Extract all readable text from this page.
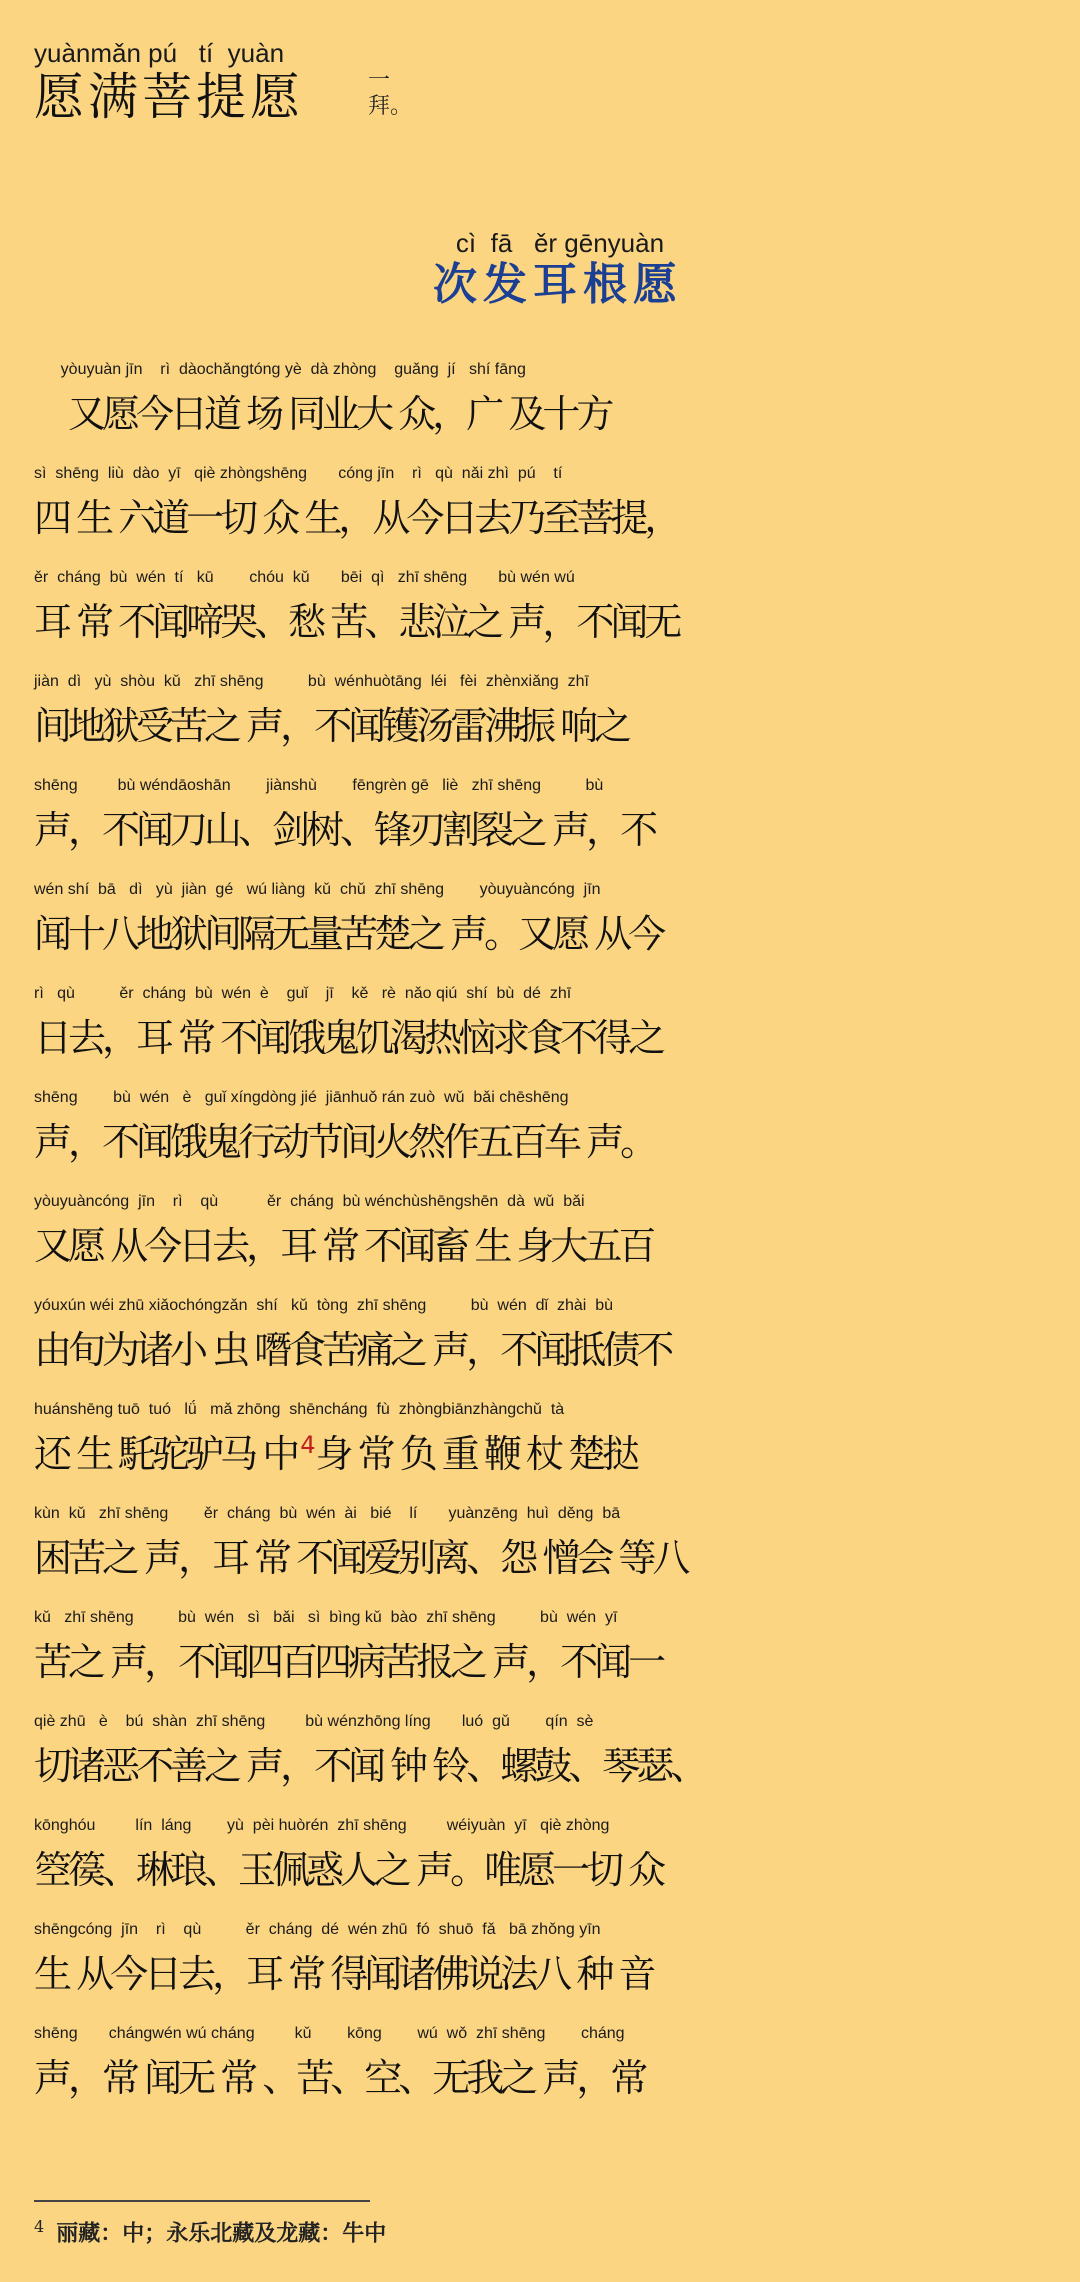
yuànmǎn pú   tí  yuàn
愿满菩提愿	一
拜。
cì  fā   ěr gēnyuàn
次发耳根愿
yòuyuàn jīn    rì  dàochǎngtóng yè  dà zhòng    guǎng  jí   shí fāng
　又愿今日道 场 同业大 众，广 及十方
sì  shēng  liù  dào  yī   qiè zhòngshēng       cóng jīn    rì   qù  nǎi zhì  pú    tí
四 生 六道一切 众 生，从今日去乃至菩提，
ěr  cháng  bù  wén  tí   kū        chóu  kǔ       bēi  qì   zhī shēng       bù wén wú
耳 常 不闻啼哭、愁 苦、悲泣之 声，不闻无
jiàn  dì   yù  shòu  kǔ   zhī shēng          bù  wénhuòtāng  léi   fèi  zhènxiǎng  zhī
间地狱受苦之 声，不闻镬汤雷沸振 响之
shēng         bù wéndāoshān        jiànshù        fēngrèn gē   liè   zhī shēng          bù
声，不闻刀山、剑树、锋刃割裂之 声，不
wén shí  bā   dì   yù  jiàn  gé   wú liàng  kǔ  chǔ  zhī shēng        yòuyuàncóng  jīn
闻十八地狱间隔无量苦楚之 声。又愿 从今
rì   qù          ěr  cháng  bù  wén  è    guǐ    jī    kě   rè  nǎo qiú  shí  bù  dé  zhī
日去，耳 常 不闻饿鬼饥渴热恼求食不得之
shēng        bù  wén   è   guǐ xíngdòng jié  jiānhuǒ rán zuò  wǔ  bǎi chēshēng
声，不闻饿鬼行动节间火然作五百车 声。
yòuyuàncóng  jīn    rì    qù           ěr  cháng  bù wénchùshēngshēn  dà  wǔ  bǎi
又愿 从今日去，耳 常 不闻畜 生 身大五百
yóuxún wéi zhū xiǎochóngzǎn  shí   kǔ  tòng  zhī shēng          bù  wén  dǐ  zhài  bù
由旬为诸小 虫 噆食苦痛之 声，不闻抵债不
huánshēng tuō  tuó   lǘ   mǎ zhōng  shēncháng  fù  zhòngbiānzhàngchǔ  tà
还 生 馲驼驴马 中 $^4$ 身 常 负 重 鞭 杖 楚挞
kùn  kǔ   zhī shēng        ěr  cháng  bù  wén  ài   bié    lí       yuànzēng  huì  děng  bā
困苦之 声，耳 常 不闻爱别离、怨 憎会 等八
kǔ   zhī shēng          bù  wén   sì   bǎi   sì  bìng kǔ  bào  zhī shēng          bù  wén  yī
苦之 声，不闻四百四病苦报之 声，不闻一
qiè zhū   è    bú  shàn  zhī shēng         bù wénzhōng líng       luó  gǔ        qín  sè
切诸恶不善之 声，不闻 钟 铃、螺鼓、琴瑟、
kōnghóu         lín  láng        yù  pèi huòrén  zhī shēng         wéiyuàn  yī   qiè zhòng
箜篌、琳琅、玉佩惑人之 声。唯愿一切 众
shēngcóng  jīn    rì    qù          ěr  cháng  dé  wén zhū  fó  shuō  fǎ   bā zhǒng yīn
生 从今日去，耳 常 得闻诸佛说法八 种 音
shēng       chángwén wú cháng         kǔ        kōng        wú  wǒ  zhī shēng        cháng
声，常 闻无 常 、苦、空、无我之 声，常
$^4$ 丽藏：中；永乐北藏及龙藏：牛中
